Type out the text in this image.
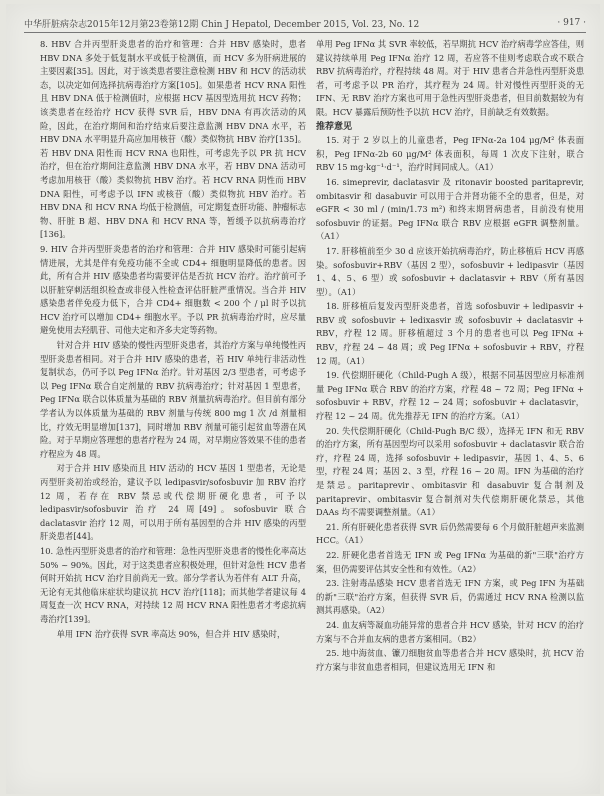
中华肝脏病杂志2015年12月第23卷第12期 Chin J Hepatol, December 2015, Vol. 23, No. 12	· 917 ·

8. HBV 合并丙型肝炎患者的治疗和管理：合并 HBV 感染时，患者 HBV DNA 多处于低复制水平或低于检测值，而 HCV 多为肝病进展的主要因素[35]。因此，对于该类患者要注意检测 HBV 和 HCV 的活动状态，以决定如何选择抗病毒治疗方案[105]。如果患者 HCV RNA 阳性且 HBV DNA 低于检测值时，应根据 HCV 基因型选用抗 HCV 药物；该类患者在经治疗 HCV 获得 SVR 后，HBV DNA 有再次活动的风险，因此，在治疗期间和治疗结束后要注意监测 HBV DNA 水平，若 HBV DNA 水平明显升高应加用核苷（酸）类似物抗 HBV 治疗[135]。若 HBV DNA 阳性而 HCV RNA 也阳性，可考虑先予以 PR 抗 HCV 治疗，但在治疗期间注意监测 HBV DNA 水平，若 HBV DNA 活动可考虑加用核苷（酸）类似物抗 HBV 治疗。若 HCV RNA 阴性而 HBV DNA 阳性，可考虑予以 IFN 或核苷（酸）类似物抗 HBV 治疗。若 HBV DNA 和 HCV RNA 均低于检测值，可定期复查肝功能、肿瘤标志物、肝脏 B 超、HBV DNA 和 HCV RNA 等，暂缓予以抗病毒治疗[136]。

9. HIV 合并丙型肝炎患者的治疗和管理：合并 HIV 感染时可能引起病情进展，尤其是伴有免疫功能不全或 CD4+ 细胞明显降低的患者。因此，所有合并 HIV 感染患者均需要评估是否抗 HCV 治疗。治疗前可予以肝脏穿刺活组织检查或非侵入性检查评估肝脏严重情况。当合并 HIV 感染患者伴免疫力低下，合并 CD4+ 细胞数 < 200 个 / μl 时予以抗 HCV 治疗可以增加 CD4+ 细胞水平。予以 PR 抗病毒治疗时，应尽量避免使用去羟肌苷、司他夫定和齐多夫定等药物。

针对合并 HIV 感染的慢性丙型肝炎患者，其治疗方案与单纯慢性丙型肝炎患者相同。对于合并 HIV 感染的患者，若 HIV 单纯行非活动性复制状态，仍可予以 Peg IFNα 治疗。针对基因 2/3 型患者，可考虑予以 Peg IFNα 联合自定剂量的 RBV 抗病毒治疗；针对基因 1 型患者，Peg IFNα 联合以体质量为基础的 RBV 剂量抗病毒治疗。但目前有部分学者认为以体质量为基础的 RBV 剂量与传统 800 mg 1 次 /d 剂量相比，疗效无明显增加[137]，同时增加 RBV 剂量可能引起贫血等潜在风险。对于早期应答理想的患者疗程为 24 周，对早期应答效果不佳的患者疗程应为 48 周。

对于合并 HIV 感染而且 HIV 活动的 HCV 基因 1 型患者，无论是丙型肝炎初治或经治，建议予以 ledipasvir/sofosbuvir 加 RBV 治疗 12 周，若存在 RBV 禁忌或代偿期肝硬化患者，可予以 ledipasvir/sofosbuvir 治疗 24 周[49]。sofosbuvir 联合 daclatasvir 治疗 12 周，可以用于所有基因型的合并 HIV 感染的丙型肝炎患者[44]。

10. 急性丙型肝炎患者的治疗和管理：急性丙型肝炎患者的慢性化率高达 50% ~ 90%。因此，对于这类患者应积极处理，但针对急性 HCV 患者何时开始抗 HCV 治疗目前尚无一致。部分学者认为若伴有 ALT 升高，无论有无其他临床症状均建议抗 HCV 治疗[118]；而其他学者建议每 4 周复查一次 HCV RNA，对持续 12 周 HCV RNA 阳性患者才考虑抗病毒治疗[139]。

单用 IFN 治疗获得 SVR 率高达 90%，但合并 HIV 感染时，

单用 Peg IFNα 其 SVR 率较低，若早期抗 HCV 治疗病毒学应答佳，则建议持续单用 Peg IFNα 治疗 12 周，若应答不佳则考虑联合或不联合 RBV 抗病毒治疗，疗程持续 48 周。对于 HIV 患者合并急性丙型肝炎患者，可考虑予以 PR 治疗，其疗程为 24 周。针对慢性丙型肝炎的无 IFN、无 RBV 治疗方案也可用于急性丙型肝炎患者，但目前数据较为有限。HCV 暴露后预防性予以抗 HCV 治疗，目前缺乏有效数据。

推荐意见

15. 对于 2 岁以上的儿童患者，Peg IFNα-2a 104 μg/M² 体表面积，Peg IFNα-2b 60 μg/M² 体表面积，每周 1 次皮下注射，联合 RBV 15 mg·kg⁻¹·d⁻¹，治疗时间同成人。（A1）

16. simeprevir, daclatasvir 及 ritonavir boosted paritaprevir, ombitasvir 和 dasabuvir 可以用于合并肾功能不全的患者，但是，对 eGFR < 30 ml / (min/1.73 m²) 和终末期肾病患者，目前没有使用 sofosbuvir 的证据。Peg IFNα 联合 RBV 应根据 eGFR 调整剂量。（A1）

17. 肝移植前至少 30 d 应该开始抗病毒治疗，防止移植后 HCV 再感染。sofosbuvir+RBV（基因 2 型），sofosbuvir + ledipasvir（基因 1、4、5、6 型）或 sofosbuvir + daclatasvir + RBV（所有基因型）。（A1）

18. 肝移植后复发丙型肝炎患者，首选 sofosbuvir + ledipasvir + RBV 或 sofosbuvir + ledixasvir 或 sofosbuvir + daclatasvir + RBV，疗程 12 周。肝移植超过 3 个月的患者也可以 Peg IFNα + RBV，疗程 24 ~ 48 周；或 Peg IFNα + sofosbuvir + RBV，疗程 12 周。（A1）

19. 代偿期肝硬化（Child-Pugh A 级），根据不同基因型应月标准剂量 Peg IFNα 联合 RBV 的治疗方案，疗程 48 ~ 72 周；Peg IFNα + sofosbuvir + RBV，疗程 12 ~ 24 周；sofosbuvir + daclatasvir，疗程 12 ~ 24 周。优先推荐无 IFN 的治疗方案。（A1）

20. 失代偿期肝硬化（Child-Pugh B/C 级），选择无 IFN 和无 RBV 的治疗方案，所有基因型均可以采用 sofosbuvir + daclatasvir 联合治疗，疗程 24 周，选择 sofosbuvir + ledipasvir，基因 1、4、5、6 型，疗程 24 周；基因 2、3 型，疗程 16 ~ 20 周。IFN 为基础的治疗是禁忌。paritaprevir、ombitasvir 和 dasabuvir 复合制剂及 paritaprevir、ombitasvir 复合制剂对失代偿期肝硬化禁忌，其他 DAAs 均不需要调整剂量。（A1）

21. 所有肝硬化患者获得 SVR 后仍然需要每 6 个月做肝脏超声来监测 HCC。（A1）

22. 肝硬化患者首选无 IFN 或 Peg IFNα 为基础的新"三联"治疗方案，但仍需要评估其安全性和有效性。（A2）

23. 注射毒品感染 HCV 患者首选无 IFN 方案，或 Peg IFN 为基础的新"三联"治疗方案，但获得 SVR 后，仍需通过 HCV RNA 检测以监测其再感染。（A2）

24. 血友病等凝血功能异常的患者合并 HCV 感染，针对 HCV 的治疗方案与不合并血友病的患者方案相同。（B2）

25. 地中海贫血、镰刀细胞贫血等患者合并 HCV 感染时，抗 HCV 治疗方案与非贫血患者相同，但建议选用无 IFN 和
